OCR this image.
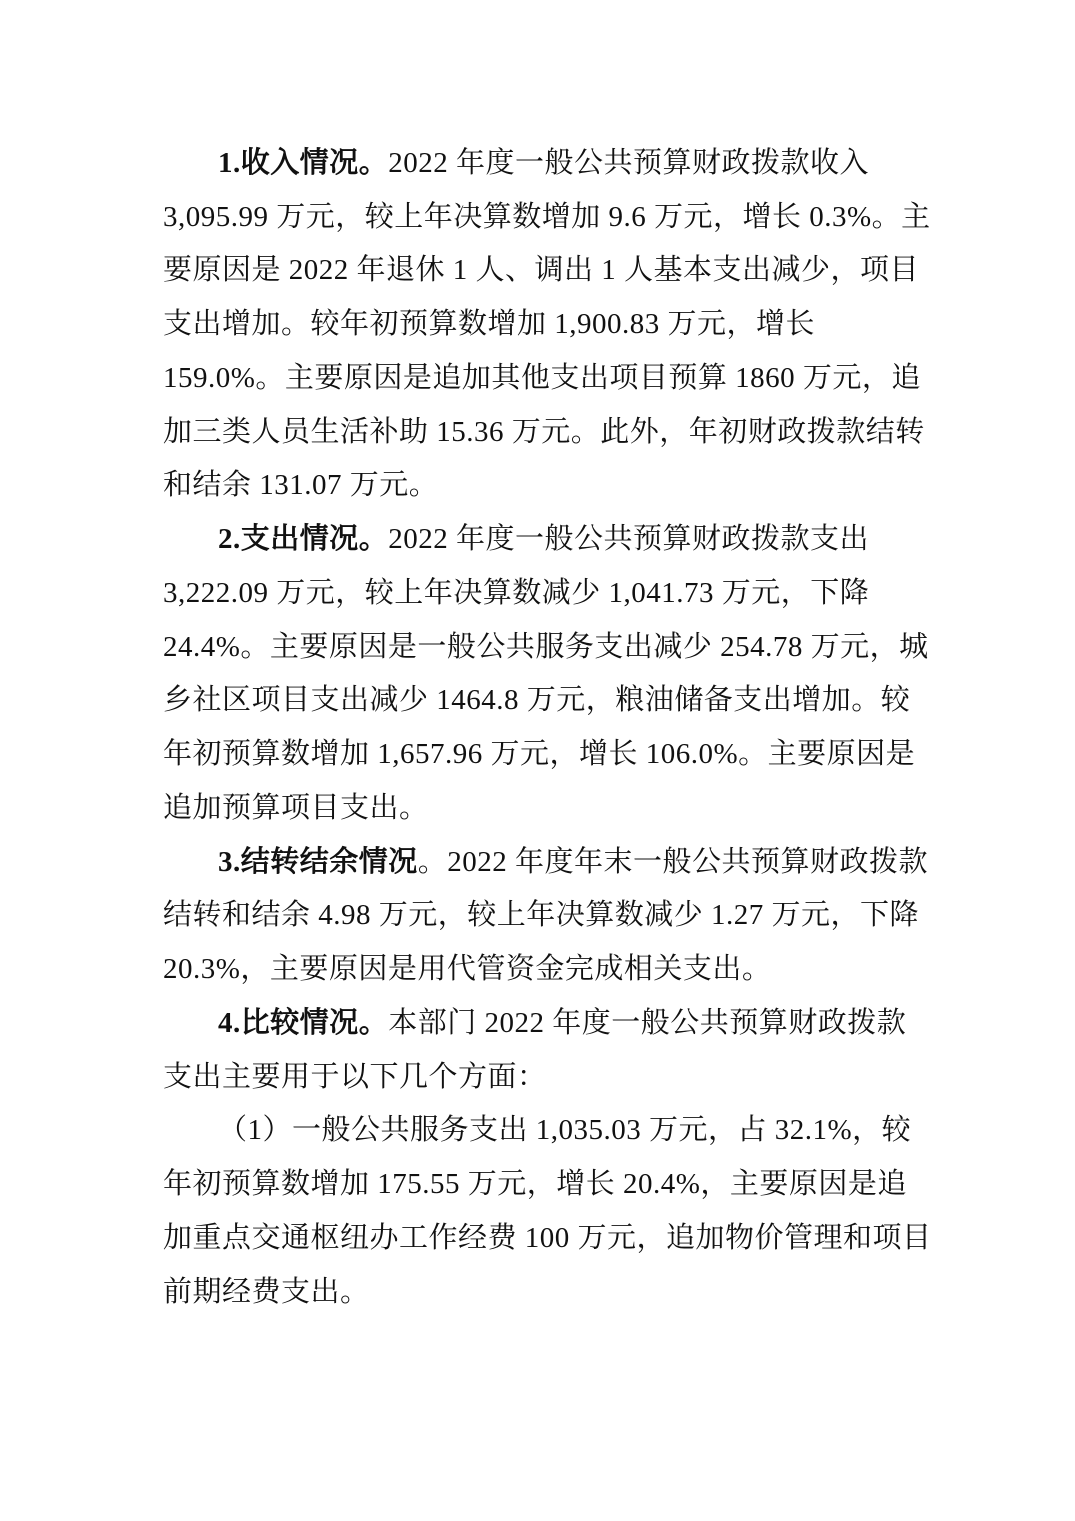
1.收入情况。2022 年度一般公共预算财政拨款收入
3,095.99 万元，较上年决算数增加 9.6 万元，增长 0.3%。主
要原因是 2022 年退休 1 人、调出 1 人基本支出减少，项目
支出增加。较年初预算数增加 1,900.83 万元，增长
159.0%。主要原因是追加其他支出项目预算 1860 万元，追
加三类人员生活补助 15.36 万元。此外，年初财政拨款结转
和结余 131.07 万元。
2.支出情况。2022 年度一般公共预算财政拨款支出
3,222.09 万元，较上年决算数减少 1,041.73 万元，下降
24.4%。主要原因是一般公共服务支出减少 254.78 万元，城
乡社区项目支出减少 1464.8 万元，粮油储备支出增加。较
年初预算数增加 1,657.96 万元，增长 106.0%。主要原因是
追加预算项目支出。
3.结转结余情况。2022 年度年末一般公共预算财政拨款
结转和结余 4.98 万元，较上年决算数减少 1.27 万元，下降
20.3%，主要原因是用代管资金完成相关支出。
4.比较情况。本部门 2022 年度一般公共预算财政拨款
支出主要用于以下几个方面：
（1）一般公共服务支出 1,035.03 万元，占 32.1%，较
年初预算数增加 175.55 万元，增长 20.4%，主要原因是追
加重点交通枢纽办工作经费 100 万元，追加物价管理和项目
前期经费支出。
